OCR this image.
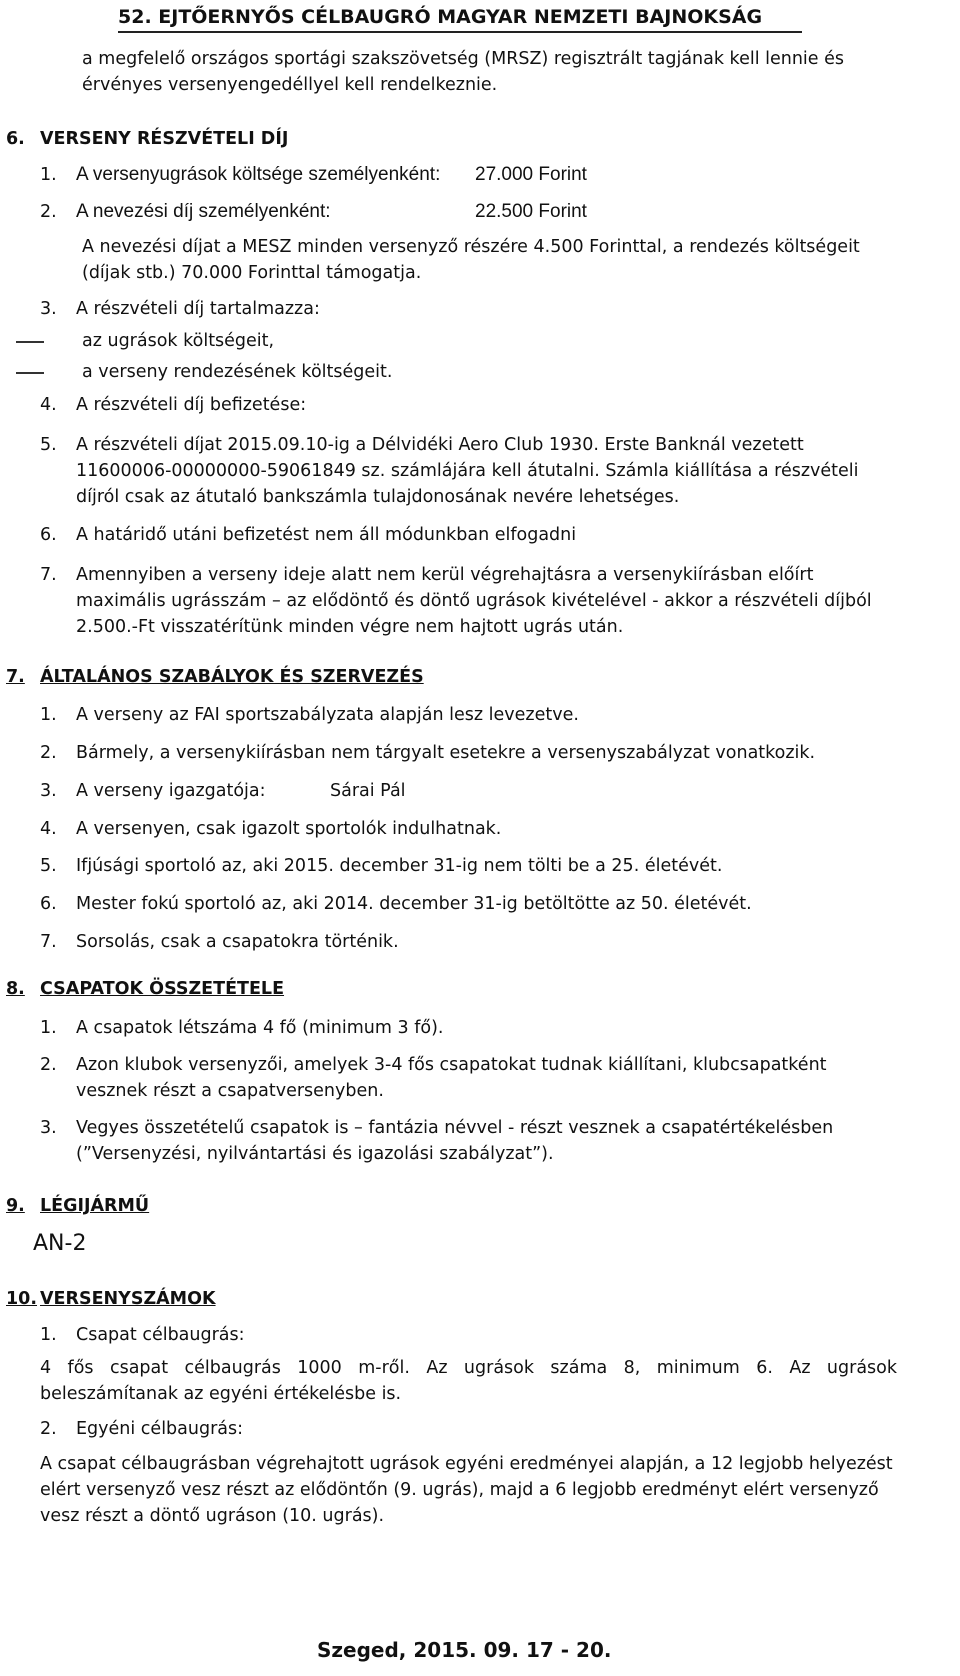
52. EJTŐERNYŐS CÉLBAUGRÓ MAGYAR NEMZETI BAJNOKSÁG
a megfelelő országos sportági szakszövetség (MRSZ) regisztrált tagjának kell lennie és
érvényes versenyengedéllyel kell rendelkeznie.
6. VERSENY RÉSZVÉTELI DÍJ
1. A versenyugrások költsége személyenként: 27.000 Forint
2. A nevezési díj személyenként:	22.500 Forint
A nevezési díjat a MESZ minden versenyző részére 4.500 Forinttal, a rendezés költségeit
(díjak stb.) 70.000 Forinttal támogatja.
3. A részvételi díj tartalmazza:
az ugrások költségeit,
a verseny rendezésének költségeit.
4. A részvételi díj befizetése:
5. A részvételi díjat 2015.09.10-ig a Délvidéki Aero Club 1930. Erste Banknál vezetett
11600006-00000000-59061849 sz. számlájára kell átutalni. Számla kiállítása a részvételi
díjról csak az átutaló bankszámla tulajdonosának nevére lehetséges.
6. A határidő utáni befizetést nem áll módunkban elfogadni
7. Amennyiben a verseny ideje alatt nem kerül végrehajtásra a versenykiírásban előírt
maximális ugrásszám – az elődöntő és döntő ugrások kivételével - akkor a részvételi díjból
2.500.-Ft visszatérítünk minden végre nem hajtott ugrás után.
7. ÁLTALÁNOS SZABÁLYOK ÉS SZERVEZÉS
1. A verseny az FAI sportszabályzata alapján lesz levezetve.
2. Bármely, a versenykiírásban nem tárgyalt esetekre a versenyszabályzat vonatkozik.
3. A verseny igazgatója:	Sárai Pál
4. A versenyen, csak igazolt sportolók indulhatnak.
5. Ifjúsági sportoló az, aki 2015. december 31-ig nem tölti be a 25. életévét.
6. Mester fokú sportoló az, aki 2014. december 31-ig betöltötte az 50. életévét.
7. Sorsolás, csak a csapatokra történik.
8. CSAPATOK ÖSSZETÉTELE
1. A csapatok létszáma 4 fő (minimum 3 fő).
2. Azon klubok versenyzői, amelyek 3-4 fős csapatokat tudnak kiállítani, klubcsapatként
vesznek részt a csapatversenyben.
3. Vegyes összetételű csapatok is – fantázia névvel - részt vesznek a csapatértékelésben
(”Versenyzési, nyilvántartási és igazolási szabályzat”).
9. LÉGIJÁRMŰ
AN-2
10. VERSENYSZÁMOK
1. Csapat célbaugrás:
4 fős csapat célbaugrás 1000 m-ről. Az ugrások száma 8, minimum 6. Az ugrások
beleszámítanak az egyéni értékelésbe is.
2. Egyéni célbaugrás:
A csapat célbaugrásban végrehajtott ugrások egyéni eredményei alapján, a 12 legjobb helyezést
elért versenyző vesz részt az elődöntőn (9. ugrás), majd a 6 legjobb eredményt elért versenyző
vesz részt a döntő ugráson (10. ugrás).
Szeged, 2015. 09. 17 - 20.
